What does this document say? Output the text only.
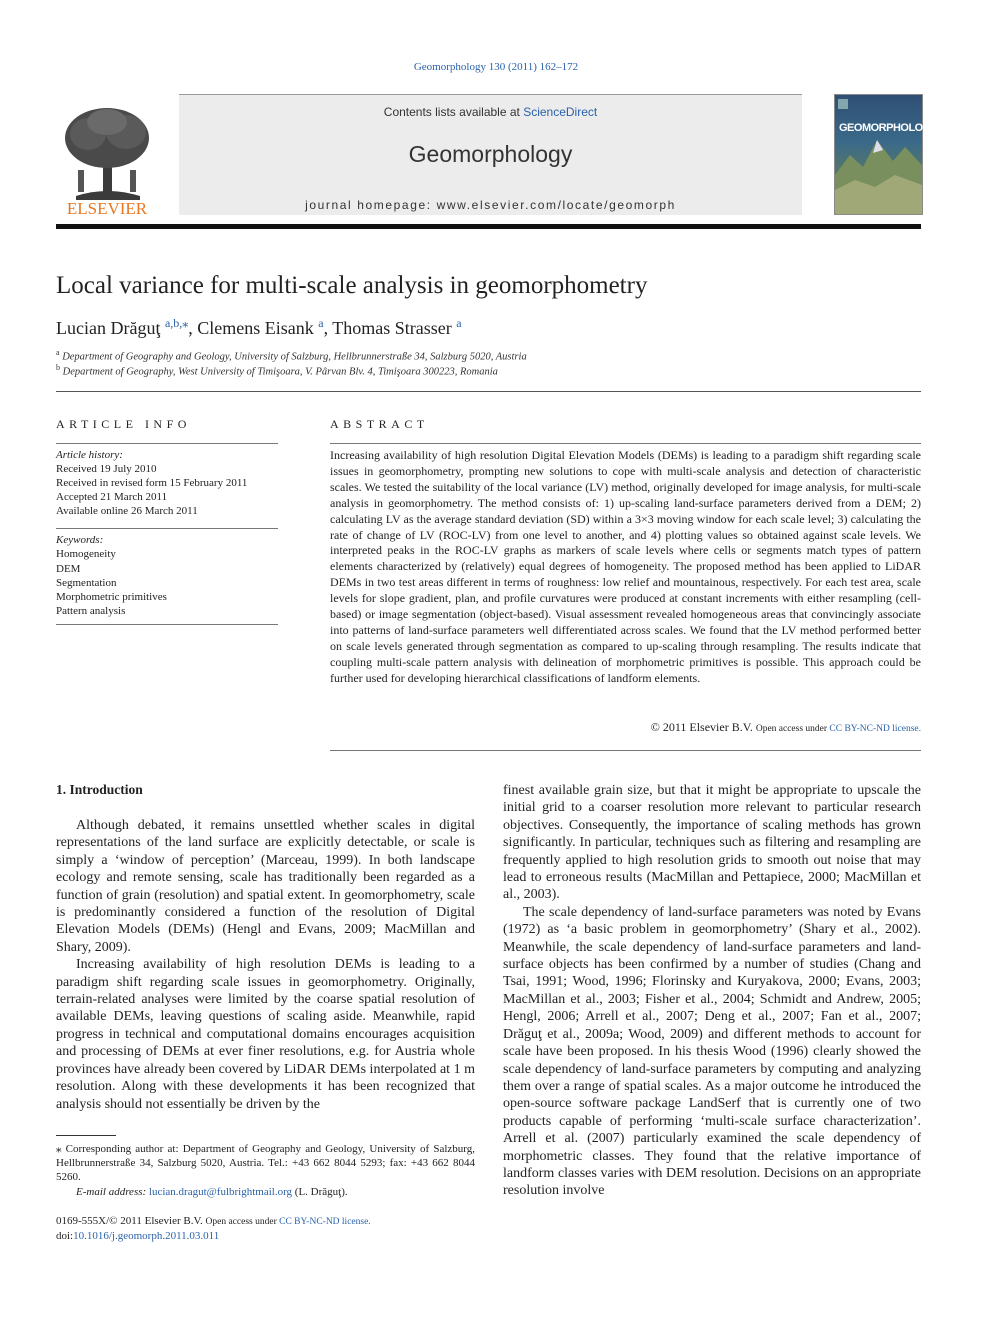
Geomorphology 130 (2011) 162–172
ELSEVIER
Contents lists available at ScienceDirect
Geomorphology
journal homepage: www.elsevier.com/locate/geomorph
GEOMORPHOLOGY
Local variance for multi-scale analysis in geomorphometry
Lucian Drăguţ $^{a,b,⁎}$, Clemens Eisank $^a$, Thomas Strasser $^a$
$^a$ Department of Geography and Geology, University of Salzburg, Hellbrunnerstraße 34, Salzburg 5020, Austria
$^b$ Department of Geography, West University of Timişoara, V. Pârvan Blv. 4, Timişoara 300223, Romania
ARTICLE INFO
Article history:
Received 19 July 2010
Received in revised form 15 February 2011
Accepted 21 March 2011
Available online 26 March 2011
Keywords:
Homogeneity
DEM
Segmentation
Morphometric primitives
Pattern analysis
ABSTRACT
Increasing availability of high resolution Digital Elevation Models (DEMs) is leading to a paradigm shift regarding scale issues in geomorphometry, prompting new solutions to cope with multi-scale analysis and detection of characteristic scales. We tested the suitability of the local variance (LV) method, originally developed for image analysis, for multi-scale analysis in geomorphometry. The method consists of: 1) up-scaling land-surface parameters derived from a DEM; 2) calculating LV as the average standard deviation (SD) within a 3×3 moving window for each scale level; 3) calculating the rate of change of LV (ROC-LV) from one level to another, and 4) plotting values so obtained against scale levels. We interpreted peaks in the ROC-LV graphs as markers of scale levels where cells or segments match types of pattern elements characterized by (relatively) equal degrees of homogeneity. The proposed method has been applied to LiDAR DEMs in two test areas different in terms of roughness: low relief and mountainous, respectively. For each test area, scale levels for slope gradient, plan, and profile curvatures were produced at constant increments with either resampling (cell-based) or image segmentation (object-based). Visual assessment revealed homogeneous areas that convincingly associate into patterns of land-surface parameters well differentiated across scales. We found that the LV method performed better on scale levels generated through segmentation as compared to up-scaling through resampling. The results indicate that coupling multi-scale pattern analysis with delineation of morphometric primitives is possible. This approach could be further used for developing hierarchical classifications of landform elements.
© 2011 Elsevier B.V. Open access under CC BY-NC-ND license.
1. Introduction

Although debated, it remains unsettled whether scales in digital representations of the land surface are explicitly detectable, or scale is simply a ‘window of perception’ (Marceau, 1999). In both landscape ecology and remote sensing, scale has traditionally been regarded as a function of grain (resolution) and spatial extent. In geomorphometry, scale is predominantly considered a function of the resolution of Digital Elevation Models (DEMs) (Hengl and Evans, 2009; MacMillan and Shary, 2009).

Increasing availability of high resolution DEMs is leading to a paradigm shift regarding scale issues in geomorphometry. Originally, terrain-related analyses were limited by the coarse spatial resolution of available DEMs, leaving questions of scaling aside. Meanwhile, rapid progress in technical and computational domains encourages acquisition and processing of DEMs at ever finer resolutions, e.g. for Austria whole provinces have already been covered by LiDAR DEMs interpolated at 1 m resolution. Along with these developments it has been recognized that analysis should not essentially be driven by the

finest available grain size, but that it might be appropriate to upscale the initial grid to a coarser resolution more relevant to particular research objectives. Consequently, the importance of scaling methods has grown significantly. In particular, techniques such as filtering and resampling are frequently applied to high resolution grids to smooth out noise that may lead to erroneous results (MacMillan and Pettapiece, 2000; MacMillan et al., 2003).

The scale dependency of land-surface parameters was noted by Evans (1972) as ‘a basic problem in geomorphometry’ (Shary et al., 2002). Meanwhile, the scale dependency of land-surface parameters and land-surface objects has been confirmed by a number of studies (Chang and Tsai, 1991; Wood, 1996; Florinsky and Kuryakova, 2000; Evans, 2003; MacMillan et al., 2003; Fisher et al., 2004; Schmidt and Andrew, 2005; Hengl, 2006; Arrell et al., 2007; Deng et al., 2007; Fan et al., 2007; Drăguţ et al., 2009a; Wood, 2009) and different methods to account for scale have been proposed. In his thesis Wood (1996) clearly showed the scale dependency of land-surface parameters by computing and analyzing them over a range of spatial scales. As a major outcome he introduced the open-source software package LandSerf that is currently one of two products capable of performing ‘multi-scale surface characterization’. Arrell et al. (2007) particularly examined the scale dependency of morphometric classes. They found that the relative importance of landform classes varies with DEM resolution. Decisions on an appropriate resolution involve

⁎ Corresponding author at: Department of Geography and Geology, University of Salzburg, Hellbrunnerstraße 34, Salzburg 5020, Austria. Tel.: +43 662 8044 5293; fax: +43 662 8044 5260.

E-mail address: lucian.dragut@fulbrightmail.org (L. Drăguţ).

0169-555X/© 2011 Elsevier B.V. Open access under CC BY-NC-ND license.
doi:10.1016/j.geomorph.2011.03.011
